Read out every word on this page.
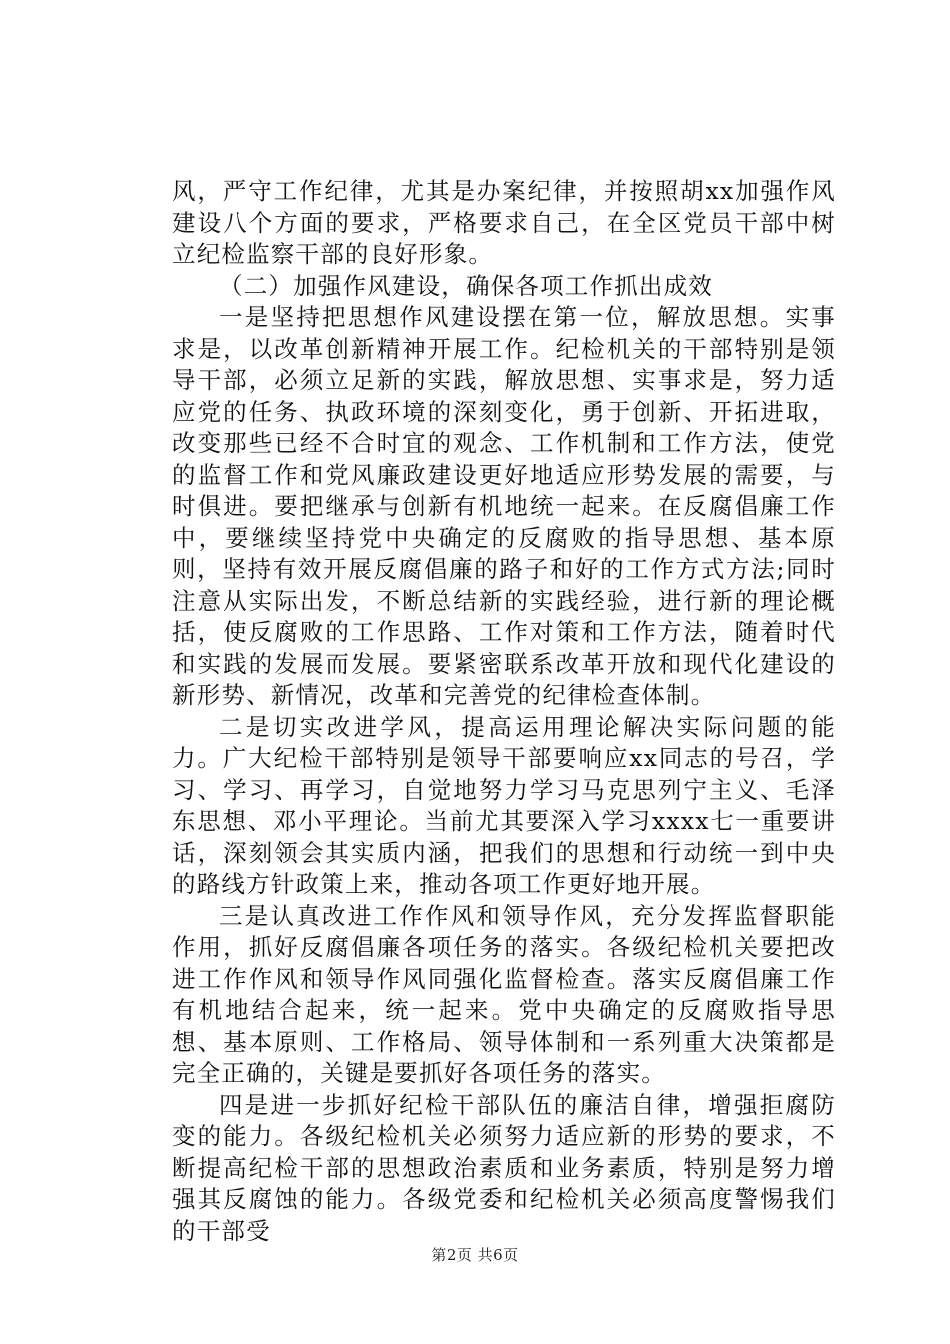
风，严守工作纪律，尤其是办案纪律，并按照胡xx加强作风建设八个方面的要求，严格要求自己，在全区党员干部中树立纪检监察干部的良好形象。

（二）加强作风建设，确保各项工作抓出成效

一是坚持把思想作风建设摆在第一位，解放思想。实事求是，以改革创新精神开展工作。纪检机关的干部特别是领导干部，必须立足新的实践，解放思想、实事求是，努力适应党的任务、执政环境的深刻变化，勇于创新、开拓进取，改变那些已经不合时宜的观念、工作机制和工作方法，使党的监督工作和党风廉政建设更好地适应形势发展的需要，与时俱进。要把继承与创新有机地统一起来。在反腐倡廉工作中，要继续坚持党中央确定的反腐败的指导思想、基本原则，坚持有效开展反腐倡廉的路子和好的工作方式方法;同时注意从实际出发，不断总结新的实践经验，进行新的理论概括，使反腐败的工作思路、工作对策和工作方法，随着时代和实践的发展而发展。要紧密联系改革开放和现代化建设的新形势、新情况，改革和完善党的纪律检查体制。

二是切实改进学风，提高运用理论解决实际问题的能力。广大纪检干部特别是领导干部要响应xx同志的号召，学习、学习、再学习，自觉地努力学习马克思列宁主义、毛泽东思想、邓小平理论。当前尤其要深入学习xxxx七一重要讲话，深刻领会其实质内涵，把我们的思想和行动统一到中央的路线方针政策上来，推动各项工作更好地开展。

三是认真改进工作作风和领导作风，充分发挥监督职能作用，抓好反腐倡廉各项任务的落实。各级纪检机关要把改进工作作风和领导作风同强化监督检查。落实反腐倡廉工作有机地结合起来，统一起来。党中央确定的反腐败指导思想、基本原则、工作格局、领导体制和一系列重大决策都是完全正确的，关键是要抓好各项任务的落实。

四是进一步抓好纪检干部队伍的廉洁自律，增强拒腐防变的能力。各级纪检机关必须努力适应新的形势的要求，不断提高纪检干部的思想政治素质和业务素质，特别是努力增强其反腐蚀的能力。各级党委和纪检机关必须高度警惕我们的干部受

第2页 共6页
